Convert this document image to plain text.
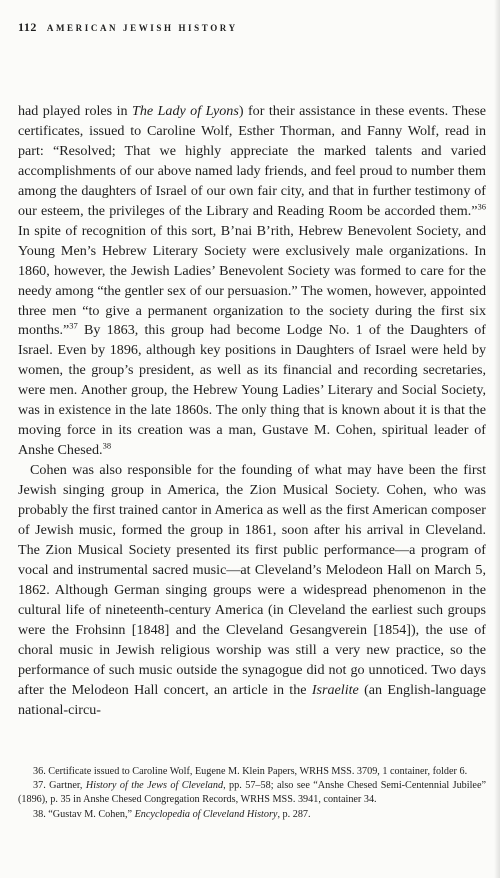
112 AMERICAN JEWISH HISTORY

had played roles in The Lady of Lyons) for their assistance in these events. These certificates, issued to Caroline Wolf, Esther Thorman, and Fanny Wolf, read in part: “Resolved; That we highly appreciate the marked talents and varied accomplishments of our above named lady friends, and feel proud to number them among the daughters of Israel of our own fair city, and that in further testimony of our esteem, the privileges of the Library and Reading Room be accorded them.”$^{36}$ In spite of recognition of this sort, B’nai B’rith, Hebrew Benevolent Society, and Young Men’s Hebrew Literary Society were exclusively male organizations. In 1860, however, the Jewish Ladies’ Benevolent Society was formed to care for the needy among “the gentler sex of our persuasion.” The women, however, appointed three men “to give a permanent organization to the society during the first six months.”$^{37}$ By 1863, this group had become Lodge No. 1 of the Daughters of Israel. Even by 1896, although key positions in Daughters of Israel were held by women, the group’s president, as well as its financial and recording secretaries, were men. Another group, the Hebrew Young Ladies’ Literary and Social Society, was in existence in the late 1860s. The only thing that is known about it is that the moving force in its creation was a man, Gustave M. Cohen, spiritual leader of Anshe Chesed.$^{38}$

Cohen was also responsible for the founding of what may have been the first Jewish singing group in America, the Zion Musical Society. Cohen, who was probably the first trained cantor in America as well as the first American composer of Jewish music, formed the group in 1861, soon after his arrival in Cleveland. The Zion Musical Society presented its first public performance—a program of vocal and instrumental sacred music—at Cleveland’s Melodeon Hall on March 5, 1862. Although German singing groups were a widespread phenomenon in the cultural life of nineteenth-century America (in Cleveland the earliest such groups were the Frohsinn [1848] and the Cleveland Gesangverein [1854]), the use of choral music in Jewish religious worship was still a very new practice, so the performance of such music outside the synagogue did not go unnoticed. Two days after the Melodeon Hall concert, an article in the Israelite (an English-language national-circu-

36. Certificate issued to Caroline Wolf, Eugene M. Klein Papers, WRHS MSS. 3709, 1 container, folder 6.

37. Gartner, History of the Jews of Cleveland, pp. 57–58; also see “Anshe Chesed Semi-Centennial Jubilee” (1896), p. 35 in Anshe Chesed Congregation Records, WRHS MSS. 3941, container 34.

38. “Gustav M. Cohen,” Encyclopedia of Cleveland History, p. 287.
